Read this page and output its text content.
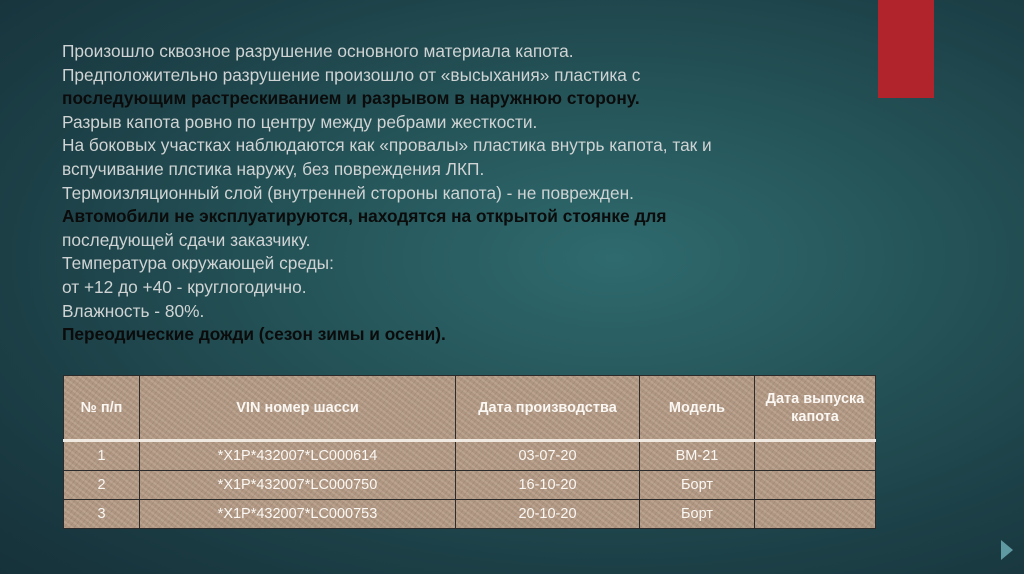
Произошло сквозное разрушение основного материала капота.
Предположительно разрушение произошло от «высыхания» пластика с
последующим растрескиванием и разрывом в наружнюю сторону.
Разрыв капота ровно по центру между ребрами жесткости.
На боковых участках наблюдаются как «провалы» пластика внутрь капота, так и
вспучивание плстика наружу, без повреждения ЛКП.
Термоизляционный слой (внутренней стороны капота) - не поврежден.
Автомобили не эксплуатируются, находятся на открытой стоянке для
последующей сдачи заказчику.
Температура окружающей среды:
от +12 до +40 - круглогодично.
Влажность - 80%.
Переодические дожди (сезон зимы и осени).
№ п/п	VIN номер шасси	Дата производства	Модель	Дата выпуска капота
1	*X1P*432007*LC000614	03-07-20	ВМ-21	
2	*X1P*432007*LC000750	16-10-20	Борт	
3	*X1P*432007*LC000753	20-10-20	Борт	
